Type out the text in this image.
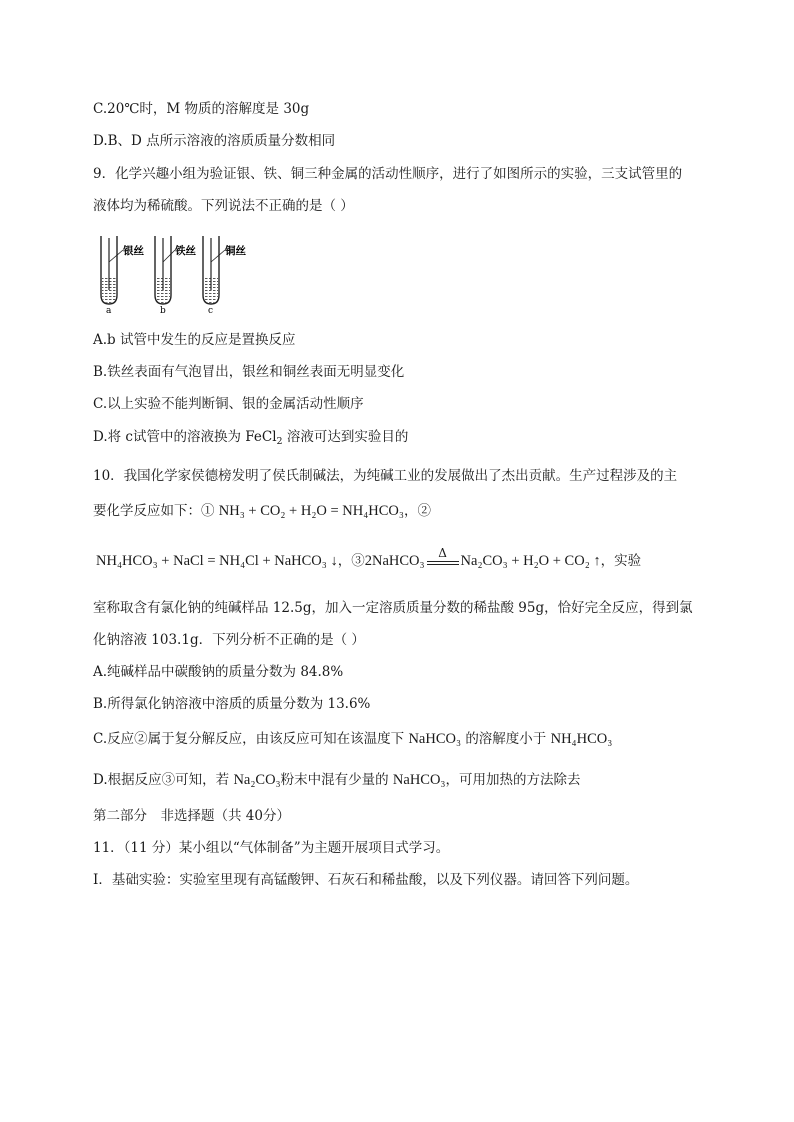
C.20℃时，M 物质的溶解度是 30g
D.B、D 点所示溶液的溶质质量分数相同
9．化学兴趣小组为验证银、铁、铜三种金属的活动性顺序，进行了如图所示的实验，三支试管里的
液体均为稀硫酸。下列说法不正确的是（ ）
银丝
a
铁丝
b
铜丝
c
A.b 试管中发生的反应是置换反应
B.铁丝表面有气泡冒出，银丝和铜丝表面无明显变化
C.以上实验不能判断铜、银的金属活动性顺序
D.将 c试管中的溶液换为 FeCl$_2$ 溶液可达到实验目的
10．我国化学家侯德榜发明了侯氏制碱法，为纯碱工业的发展做出了杰出贡献。生产过程涉及的主
要化学反应如下：① NH₃ + CO₂ + H₂O = NH₄HCO₃，②
NH₄HCO₃ + NaCl = NH₄Cl + NaHCO₃ ↓，③2NaHCO₃
Δ
Na₂CO₃ + H₂O + CO₂ ↑，实验
室称取含有氯化钠的纯碱样品 12.5g，加入一定溶质质量分数的稀盐酸 95g，恰好完全反应，得到氯
化钠溶液 103.1g．下列分析不正确的是（ ）
A.纯碱样品中碳酸钠的质量分数为 84.8%
B.所得氯化钠溶液中溶质的质量分数为 13.6%
C.反应②属于复分解反应，由该反应可知在该温度下 NaHCO₃ 的溶解度小于 NH₄HCO₃
D.根据反应③可知，若 Na₂CO₃粉末中混有少量的 NaHCO₃，可用加热的方法除去
第二部分　非选择题（共 40分）
11．（11 分）某小组以“气体制备”为主题开展项目式学习。
Ⅰ．基础实验：实验室里现有高锰酸钾、石灰石和稀盐酸，以及下列仪器。请回答下列问题。
